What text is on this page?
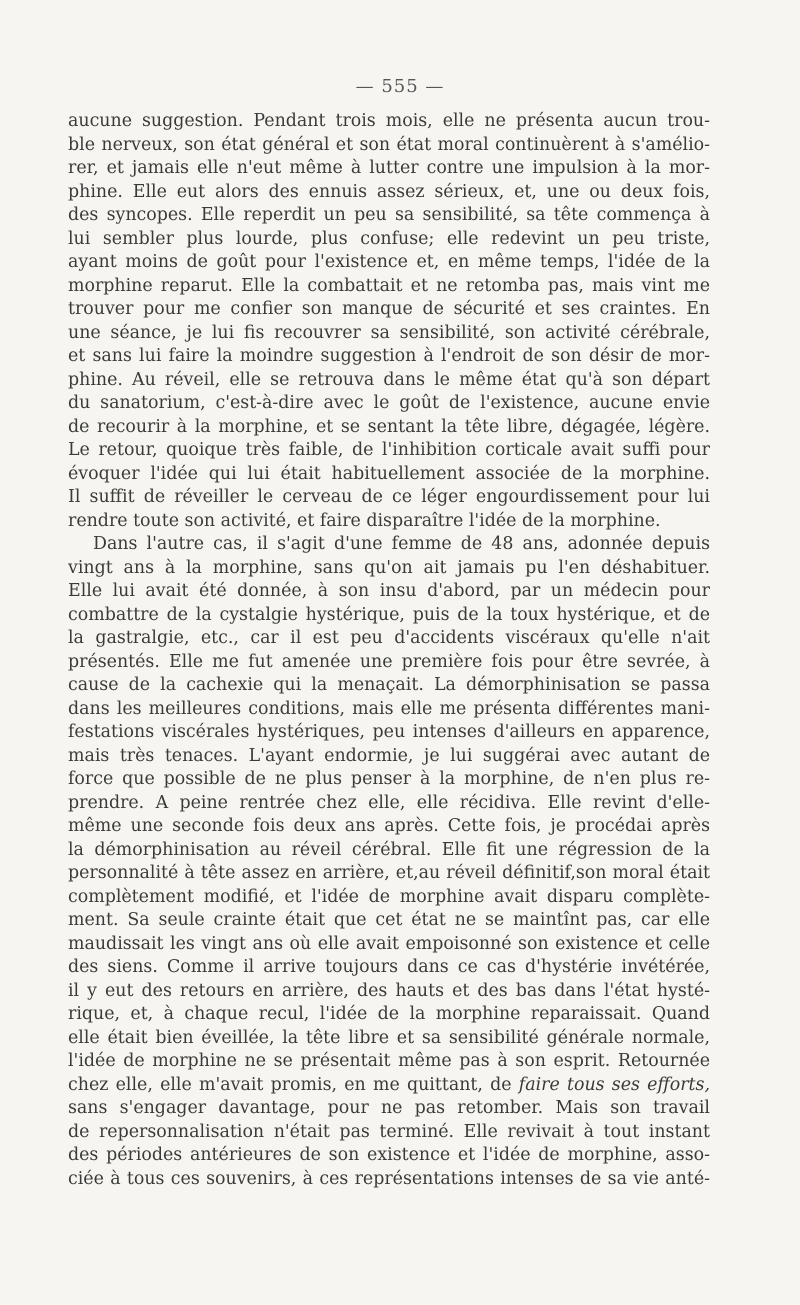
— 555 —
aucune suggestion. Pendant trois mois, elle ne présenta aucun trou-
ble nerveux, son état général et son état moral continuèrent à s'amélio-
rer, et jamais elle n'eut même à lutter contre une impulsion à la mor-
phine. Elle eut alors des ennuis assez sérieux, et, une ou deux fois,
des syncopes. Elle reperdit un peu sa sensibilité, sa tête commença à
lui sembler plus lourde, plus confuse; elle redevint un peu triste,
ayant moins de goût pour l'existence et, en même temps, l'idée de la
morphine reparut. Elle la combattait et ne retomba pas, mais vint me
trouver pour me confier son manque de sécurité et ses craintes. En
une séance, je lui fis recouvrer sa sensibilité, son activité cérébrale,
et sans lui faire la moindre suggestion à l'endroit de son désir de mor-
phine. Au réveil, elle se retrouva dans le même état qu'à son départ
du sanatorium, c'est-à-dire avec le goût de l'existence, aucune envie
de recourir à la morphine, et se sentant la tête libre, dégagée, légère.
Le retour, quoique très faible, de l'inhibition corticale avait suffi pour
évoquer l'idée qui lui était habituellement associée de la morphine.
Il suffit de réveiller le cerveau de ce léger engourdissement pour lui
rendre toute son activité, et faire disparaître l'idée de la morphine.
Dans l'autre cas, il s'agit d'une femme de 48 ans, adonnée depuis
vingt ans à la morphine, sans qu'on ait jamais pu l'en déshabituer.
Elle lui avait été donnée, à son insu d'abord, par un médecin pour
combattre de la cystalgie hystérique, puis de la toux hystérique, et de
la gastralgie, etc., car il est peu d'accidents viscéraux qu'elle n'ait
présentés. Elle me fut amenée une première fois pour être sevrée, à
cause de la cachexie qui la menaçait. La démorphinisation se passa
dans les meilleures conditions, mais elle me présenta différentes mani-
festations viscérales hystériques, peu intenses d'ailleurs en apparence,
mais très tenaces. L'ayant endormie, je lui suggérai avec autant de
force que possible de ne plus penser à la morphine, de n'en plus re-
prendre. A peine rentrée chez elle, elle récidiva. Elle revint d'elle-
même une seconde fois deux ans après. Cette fois, je procédai après
la démorphinisation au réveil cérébral. Elle fit une régression de la
personnalité à tête assez en arrière, et,au réveil définitif,son moral était
complètement modifié, et l'idée de morphine avait disparu complète-
ment. Sa seule crainte était que cet état ne se maintînt pas, car elle
maudissait les vingt ans où elle avait empoisonné son existence et celle
des siens. Comme il arrive toujours dans ce cas d'hystérie invétérée,
il y eut des retours en arrière, des hauts et des bas dans l'état hysté-
rique, et, à chaque recul, l'idée de la morphine reparaissait. Quand
elle était bien éveillée, la tête libre et sa sensibilité générale normale,
l'idée de morphine ne se présentait même pas à son esprit. Retournée
chez elle, elle m'avait promis, en me quittant, de faire tous ses efforts,
sans s'engager davantage, pour ne pas retomber. Mais son travail
de repersonnalisation n'était pas terminé. Elle revivait à tout instant
des périodes antérieures de son existence et l'idée de morphine, asso-
ciée à tous ces souvenirs, à ces représentations intenses de sa vie anté-
